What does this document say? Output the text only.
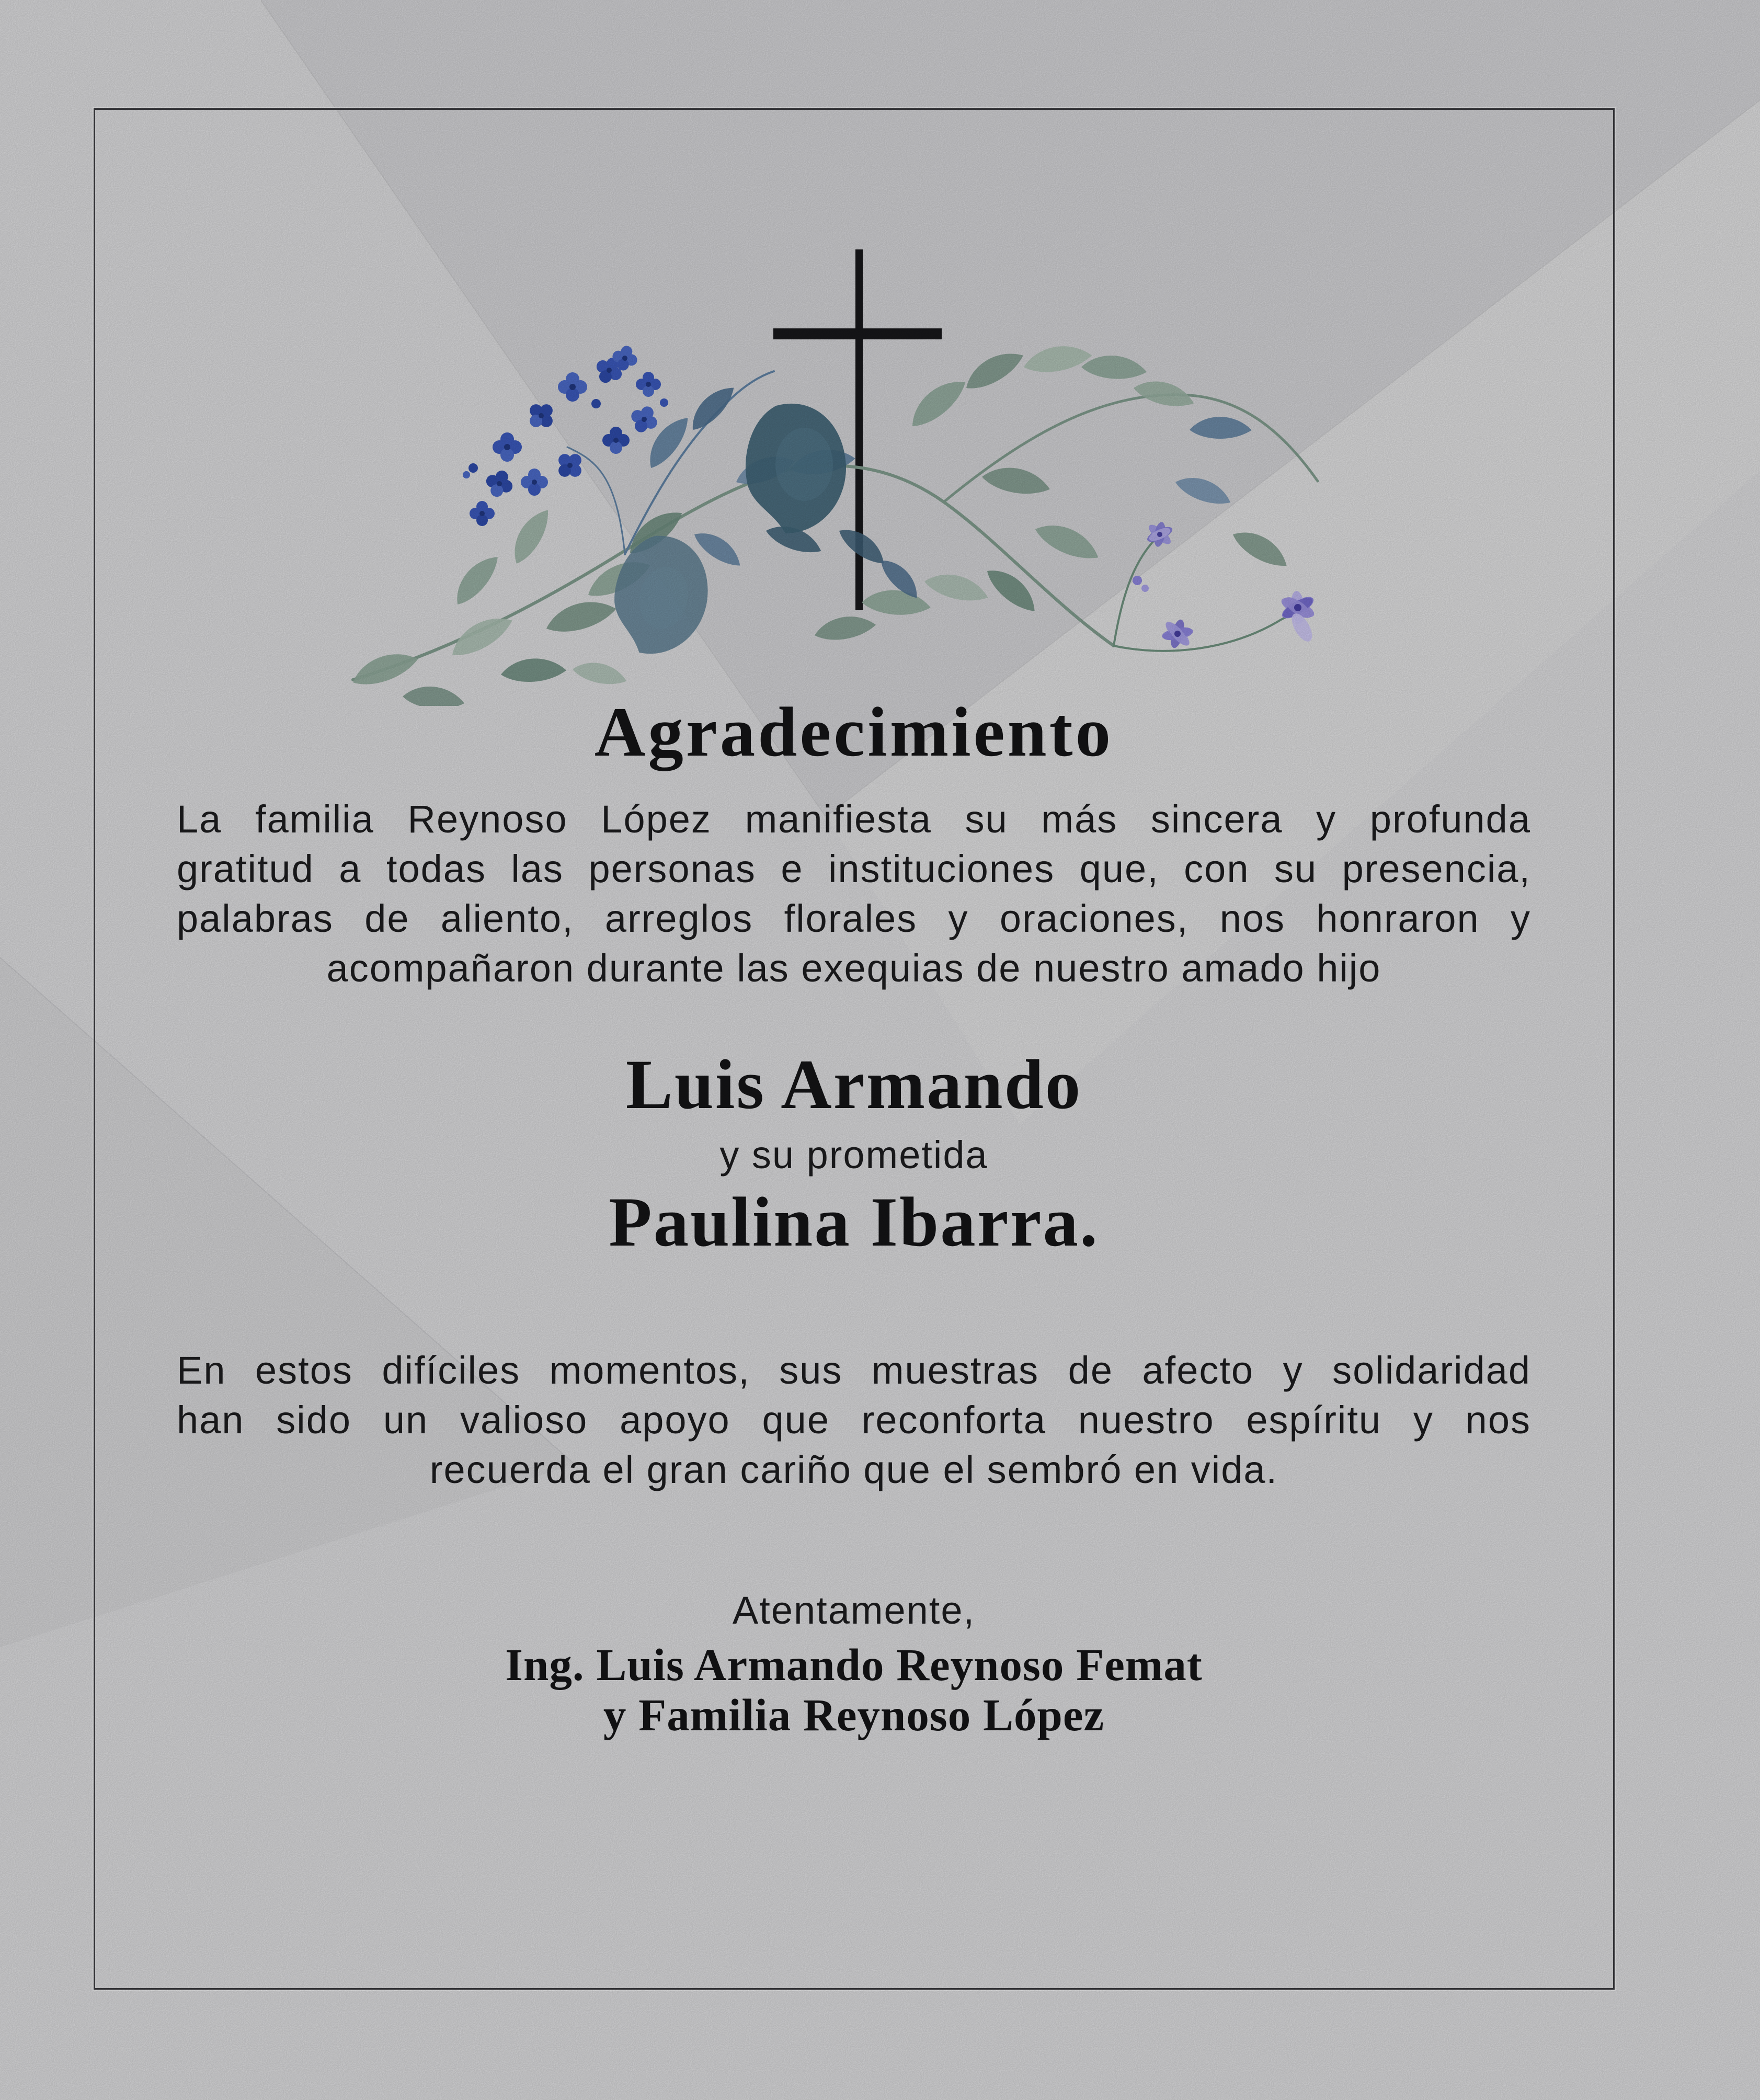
Agradecimiento
La familia Reynoso López manifiesta su más sincera y profunda
gratitud a todas las personas e instituciones que, con su presencia,
palabras de aliento, arreglos florales y oraciones, nos honraron y
acompañaron durante las exequias de nuestro amado hijo
Luis Armando
y su prometida
Paulina Ibarra.
En estos difíciles momentos, sus muestras de afecto y solidaridad
han sido un valioso apoyo que reconforta nuestro espíritu y nos
recuerda el gran cariño que el sembró en vida.
Atentamente,
Ing. Luis Armando Reynoso Femat
y Familia Reynoso López
